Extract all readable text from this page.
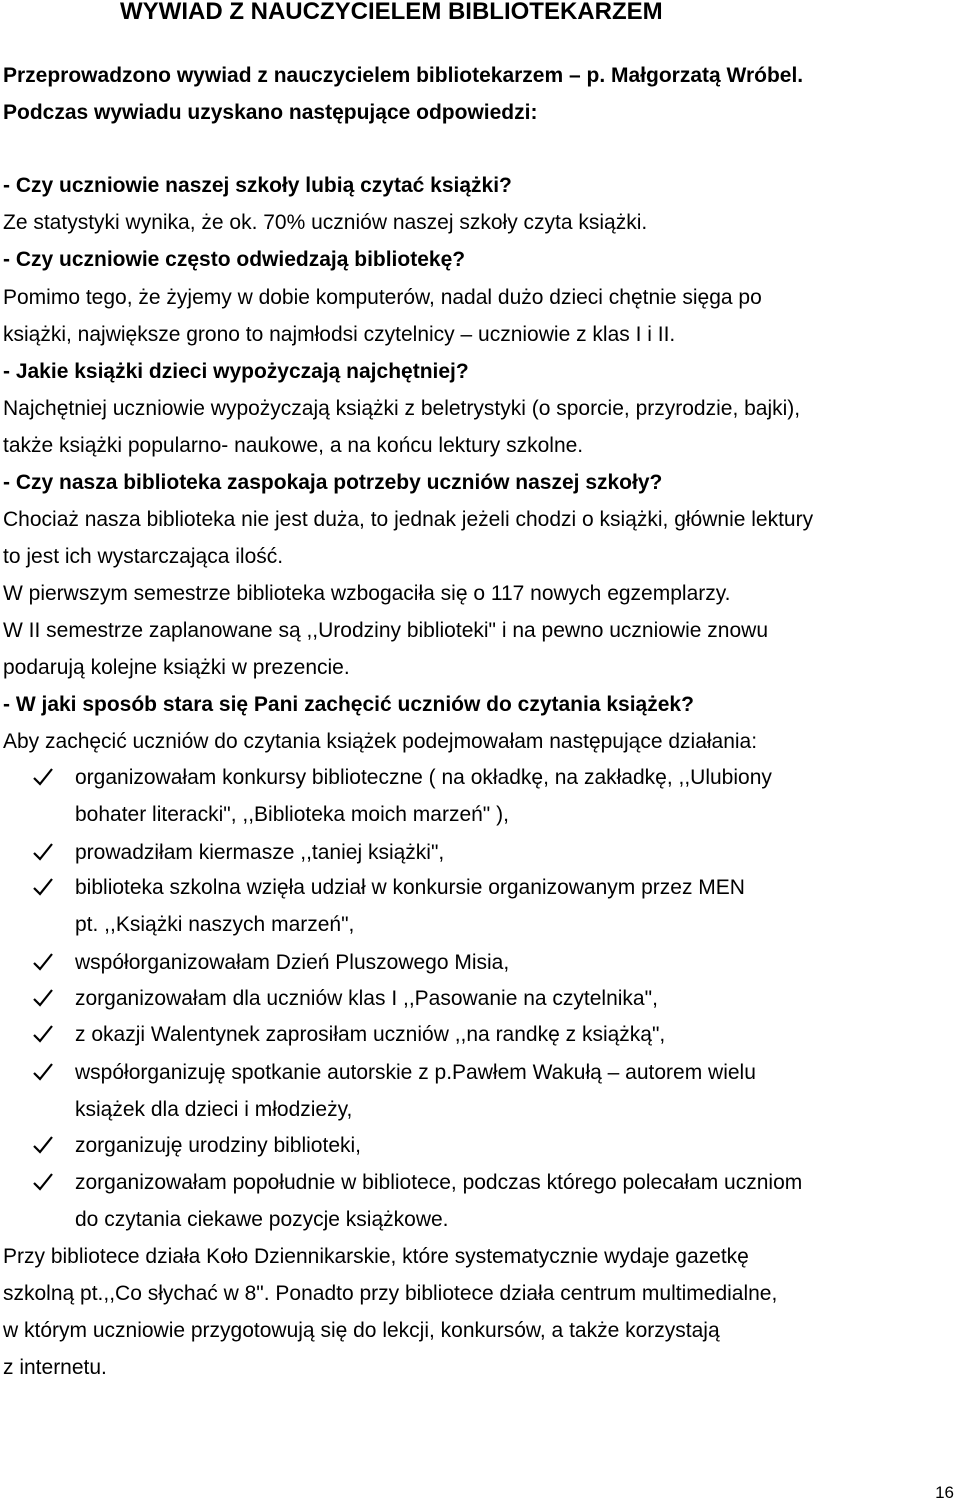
WYWIAD Z NAUCZYCIELEM BIBLIOTEKARZEM

Przeprowadzono wywiad z nauczycielem bibliotekarzem – p. Małgorzatą Wróbel.

Podczas wywiadu uzyskano następujące odpowiedzi:

- Czy uczniowie naszej szkoły lubią czytać książki?

Ze statystyki wynika, że ok. 70% uczniów naszej szkoły czyta książki.

- Czy uczniowie często odwiedzają bibliotekę?

Pomimo tego, że żyjemy w dobie komputerów, nadal dużo dzieci chętnie sięga po

książki, największe grono to najmłodsi czytelnicy – uczniowie z klas I i II.

- Jakie książki dzieci wypożyczają najchętniej?

Najchętniej uczniowie wypożyczają książki z beletrystyki (o sporcie, przyrodzie, bajki),

także książki popularno- naukowe, a na końcu lektury szkolne.

- Czy nasza biblioteka zaspokaja potrzeby uczniów naszej szkoły?

Chociaż nasza biblioteka nie jest duża, to jednak jeżeli chodzi o książki, głównie lektury

to jest ich wystarczająca ilość.

W pierwszym semestrze biblioteka wzbogaciła się o 117 nowych egzemplarzy.

W II semestrze zaplanowane są ,,Urodziny biblioteki" i na pewno uczniowie znowu

podarują kolejne książki w prezencie.

- W jaki sposób stara się Pani zachęcić uczniów do czytania książek?

Aby zachęcić uczniów do czytania książek podejmowałam następujące działania:

organizowałam konkursy biblioteczne ( na okładkę, na zakładkę, ,,Ulubiony

bohater literacki", ,,Biblioteka moich marzeń" ),

prowadziłam kiermasze ,,taniej książki",

biblioteka szkolna wzięła udział w konkursie organizowanym przez MEN

pt. ,,Książki naszych marzeń",

współorganizowałam Dzień Pluszowego Misia,

zorganizowałam dla uczniów klas I ,,Pasowanie na czytelnika",

z okazji Walentynek zaprosiłam uczniów ,,na randkę z książką",

współorganizuję spotkanie autorskie z p.Pawłem Wakułą – autorem wielu

książek dla dzieci i młodzieży,

zorganizuję urodziny biblioteki,

zorganizowałam popołudnie w bibliotece, podczas którego polecałam uczniom

do czytania ciekawe pozycje książkowe.

Przy bibliotece działa Koło Dziennikarskie, które systematycznie wydaje gazetkę

szkolną pt.,,Co słychać w 8". Ponadto przy bibliotece działa centrum multimedialne,

w którym uczniowie przygotowują się do lekcji, konkursów, a także korzystają

z internetu.

16
